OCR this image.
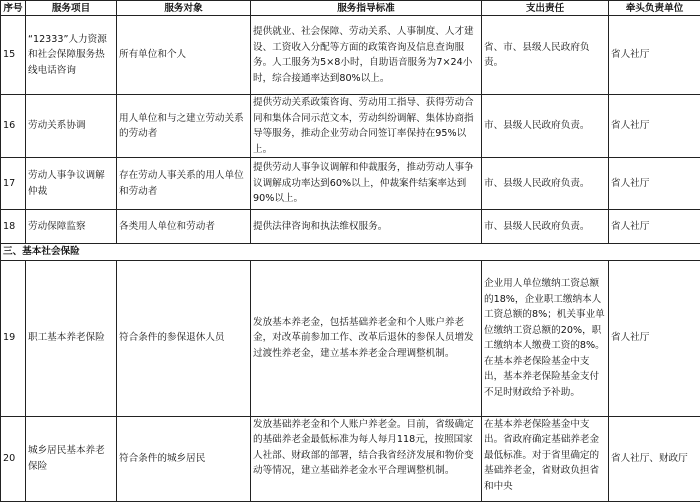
序号	服务项目	服务对象	服务指导标准	支出责任	牵头负责单位
15	“12333”人力资源和社会保障服务热线电话咨询	所有单位和个人	提供就业、社会保障、劳动关系、人事制度、人才建设、工资收入分配等方面的政策咨询及信息查询服务。人工服务为5×8小时，自助语音服务为7×24小时，综合接通率达到80%以上。	省、市、县级人民政府负责。	省人社厅
16	劳动关系协调	用人单位和与之建立劳动关系的劳动者	提供劳动关系政策咨询、劳动用工指导、获得劳动合同和集体合同示范文本，劳动纠纷调解、集体协商指导等服务，推动企业劳动合同签订率保持在95%以上。	市、县级人民政府负责。	省人社厅
17	劳动人事争议调解仲裁	存在劳动人事关系的用人单位和劳动者	提供劳动人事争议调解和仲裁服务，推动劳动人事争议调解成功率达到60%以上，仲裁案件结案率达到90%以上。	市、县级人民政府负责。	省人社厅
18	劳动保障监察	各类用人单位和劳动者	提供法律咨询和执法维权服务。	市、县级人民政府负责。	省人社厅
三、基本社会保险					
19	职工基本养老保险	符合条件的参保退休人员	发放基本养老金，包括基础养老金和个人账户养老金，对改革前参加工作、改革后退休的参保人员增发过渡性养老金，建立基本养老金合理调整机制。	企业用人单位缴纳工资总额的18%，企业职工缴纳本人工资总额的8%；机关事业单位缴纳工资总额的20%，职工缴纳本人缴费工资的8%。在基本养老保险基金中支出，基本养老保险基金支付不足时财政给予补助。	省人社厅
20	城乡居民基本养老保险	符合条件的城乡居民	发放基础养老金和个人账户养老金。目前，省级确定的基础养老金最低标准为每人每月118元，按照国家人社部、财政部的部署，结合我省经济发展和物价变动等情况，建立基础养老金水平合理调整机制。	在基本养老保险基金中支出。省政府确定基础养老金最低标准。对于省里确定的基础养老金，省财政负担省和中央	省人社厅、财政厅
